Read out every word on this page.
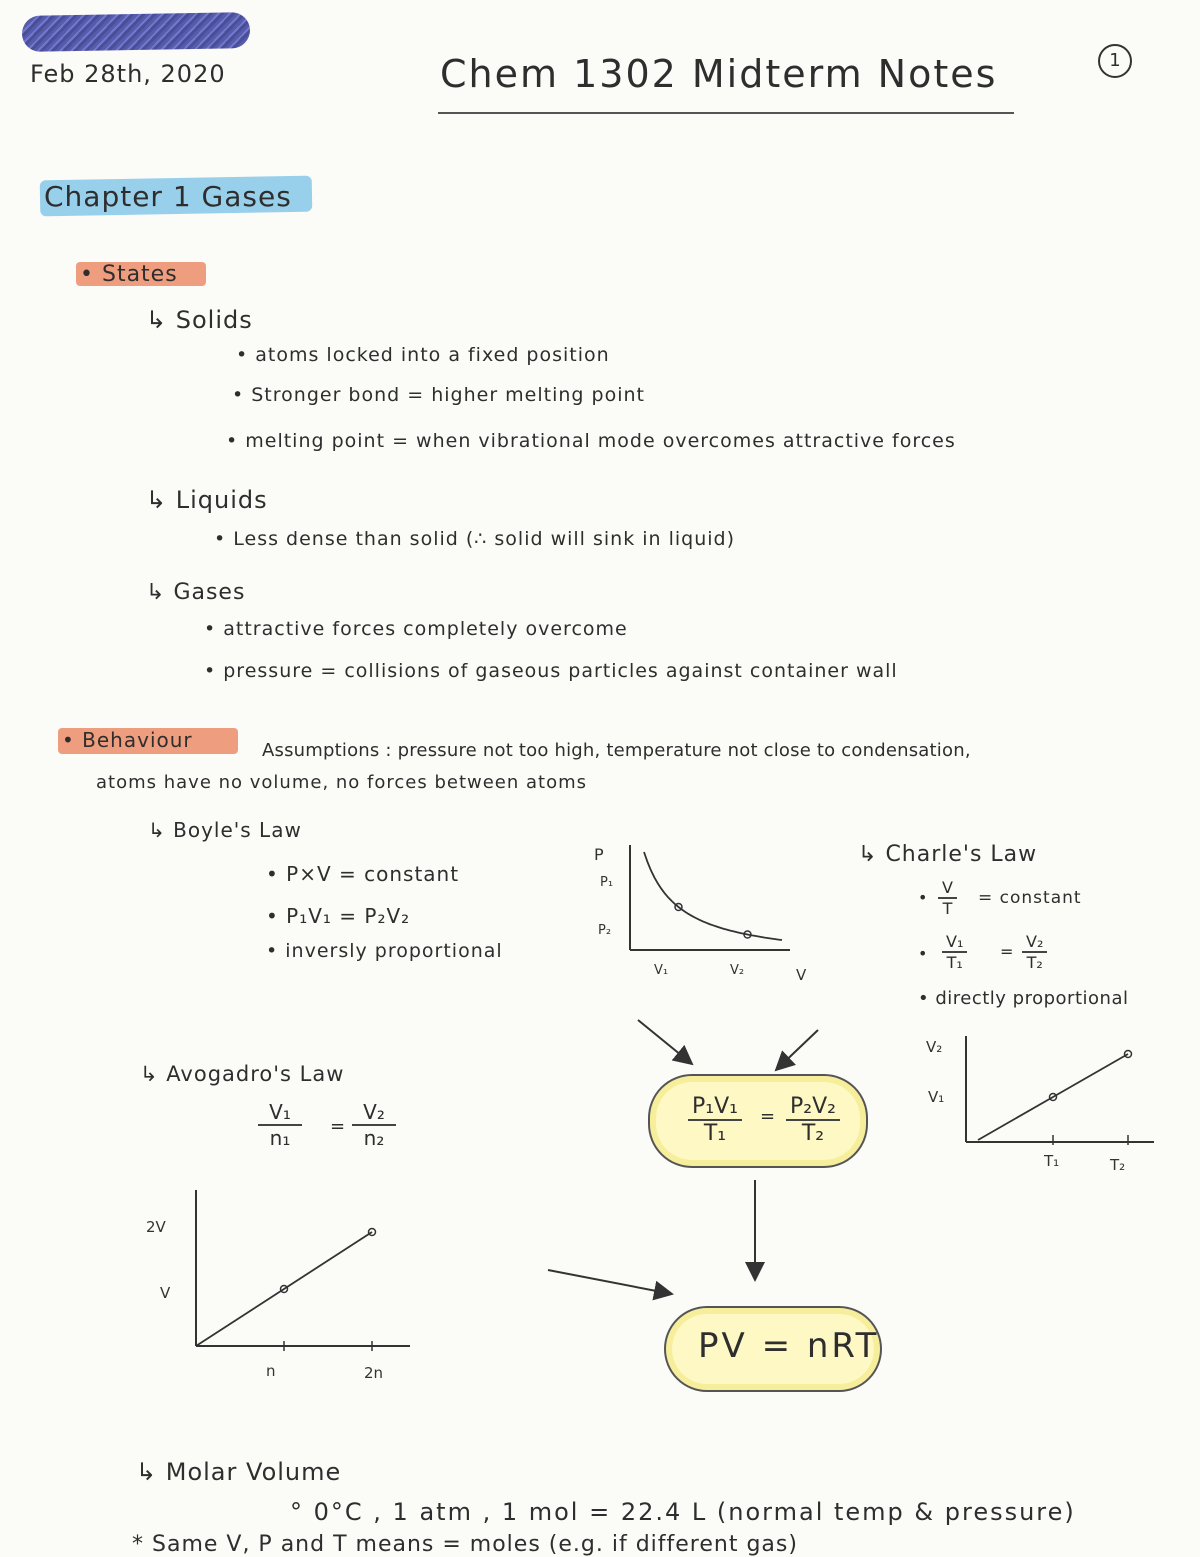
Feb 28th, 2020	Chem 1302 Midterm Notes	1
Chapter 1 Gases
• States
↳ Solids
• atoms locked into a fixed position
• Stronger bond = higher melting point
• melting point = when vibrational mode overcomes attractive forces
↳ Liquids
• Less dense than solid (∴ solid will sink in liquid)
↳ Gases
• attractive forces completely overcome
• pressure = collisions of gaseous particles against container wall
• Behaviour	Assumptions : pressure not too high, temperature not close to condensation,
atoms have no volume, no forces between atoms
↳ Boyle's Law
• P×V = constant
• P₁V₁ = P₂V₂
• inversly proportional
↳ Charle's Law
• $\frac{V}{T}$ = constant
• $\frac{\text{V₁}}{\text{T₁}} = \frac{\text{V₂}}{\text{T₂}}$
• directly proportional
↳ Avogadro's Law
$\frac{\text{V₁}}{\text{n₁}} = \frac{\text{V₂}}{\text{n₂}}$	$\frac{\text{P₁V₁}}{\text{T₁}} = \frac{\text{P₂V₂}}{\text{T₂}}$
PV = nRT
↳ Molar Volume
° 0°C , 1 atm , 1 mol = 22.4 L (normal temp & pressure)
* Same V, P and T means = moles (e.g. if different gas)
P
V
P₁
P₂
V₁	V₂
V₂
V₁
T₁	T₂
2V
V
n	2n
